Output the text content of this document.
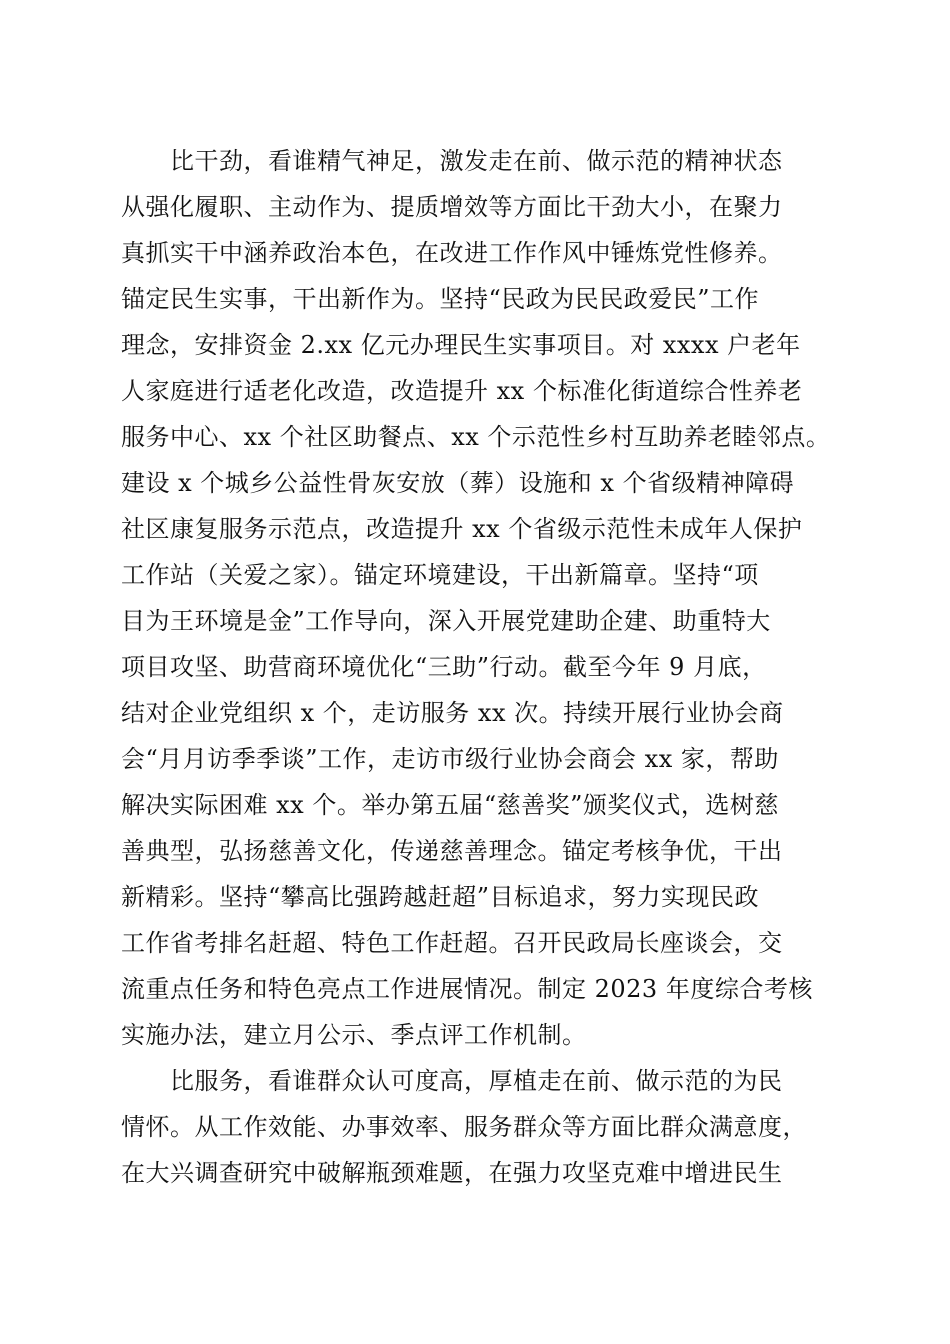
比干劲，看谁精气神足，激发走在前、做示范的精神状态
从强化履职、主动作为、提质增效等方面比干劲大小，在聚力
真抓实干中涵养政治本色，在改进工作作风中锤炼党性修养。
锚定民生实事，干出新作为。坚持“民政为民民政爱民”工作
理念，安排资金 2.xx 亿元办理民生实事项目。对 xxxx 户老年
人家庭进行适老化改造，改造提升 xx 个标准化街道综合性养老
服务中心、xx 个社区助餐点、xx 个示范性乡村互助养老睦邻点。
建设 x 个城乡公益性骨灰安放（葬）设施和 x 个省级精神障碍
社区康复服务示范点，改造提升 xx 个省级示范性未成年人保护
工作站（关爱之家）。锚定环境建设，干出新篇章。坚持“项
目为王环境是金”工作导向，深入开展党建助企建、助重特大
项目攻坚、助营商环境优化“三助”行动。截至今年 9 月底，
结对企业党组织 x 个，走访服务 xx 次。持续开展行业协会商
会“月月访季季谈”工作，走访市级行业协会商会 xx 家，帮助
解决实际困难 xx 个。举办第五届“慈善奖”颁奖仪式，选树慈
善典型，弘扬慈善文化，传递慈善理念。锚定考核争优，干出
新精彩。坚持“攀高比强跨越赶超”目标追求，努力实现民政
工作省考排名赶超、特色工作赶超。召开民政局长座谈会，交
流重点任务和特色亮点工作进展情况。制定 2023 年度综合考核
实施办法，建立月公示、季点评工作机制。
比服务，看谁群众认可度高，厚植走在前、做示范的为民
情怀。从工作效能、办事效率、服务群众等方面比群众满意度，
在大兴调查研究中破解瓶颈难题，在强力攻坚克难中增进民生
